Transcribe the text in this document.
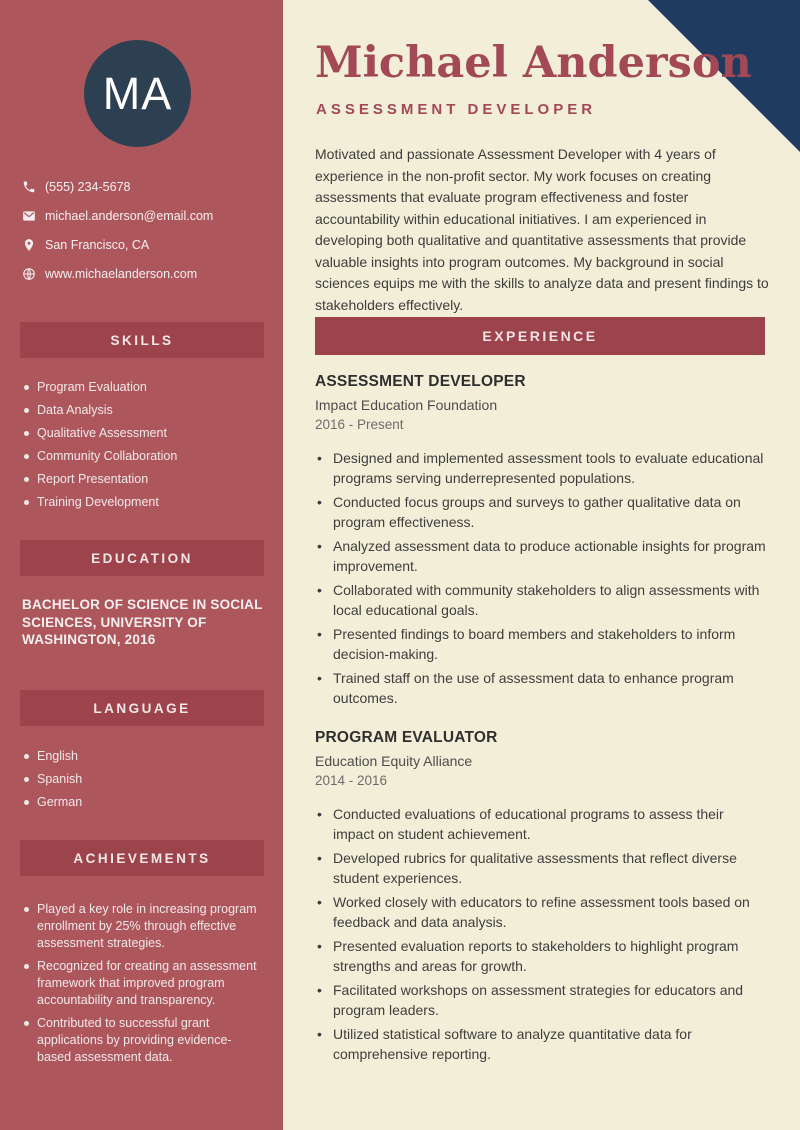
MA
(555) 234-5678
michael.anderson@email.com
San Francisco, CA
www.michaelanderson.com
SKILLS
Program Evaluation
Data Analysis
Qualitative Assessment
Community Collaboration
Report Presentation
Training Development
EDUCATION
BACHELOR OF SCIENCE IN SOCIAL SCIENCES, UNIVERSITY OF WASHINGTON, 2016
LANGUAGE
English
Spanish
German
ACHIEVEMENTS
Played a key role in increasing program enrollment by 25% through effective assessment strategies.
Recognized for creating an assessment framework that improved program accountability and transparency.
Contributed to successful grant applications by providing evidence-based assessment data.
Michael Anderson
ASSESSMENT DEVELOPER

Motivated and passionate Assessment Developer with 4 years of experience in the non-profit sector. My work focuses on creating assessments that evaluate program effectiveness and foster accountability within educational initiatives. I am experienced in developing both qualitative and quantitative assessments that provide valuable insights into program outcomes. My background in social sciences equips me with the skills to analyze data and present findings to stakeholders effectively.

EXPERIENCE
ASSESSMENT DEVELOPER
Impact Education Foundation
2016 - Present
• Designed and implemented assessment tools to evaluate educational programs serving underrepresented populations.
• Conducted focus groups and surveys to gather qualitative data on program effectiveness.
• Analyzed assessment data to produce actionable insights for program improvement.
• Collaborated with community stakeholders to align assessments with local educational goals.
• Presented findings to board members and stakeholders to inform decision-making.
• Trained staff on the use of assessment data to enhance program outcomes.
PROGRAM EVALUATOR
Education Equity Alliance
2014 - 2016
• Conducted evaluations of educational programs to assess their impact on student achievement.
• Developed rubrics for qualitative assessments that reflect diverse student experiences.
• Worked closely with educators to refine assessment tools based on feedback and data analysis.
• Presented evaluation reports to stakeholders to highlight program strengths and areas for growth.
• Facilitated workshops on assessment strategies for educators and program leaders.
• Utilized statistical software to analyze quantitative data for comprehensive reporting.
